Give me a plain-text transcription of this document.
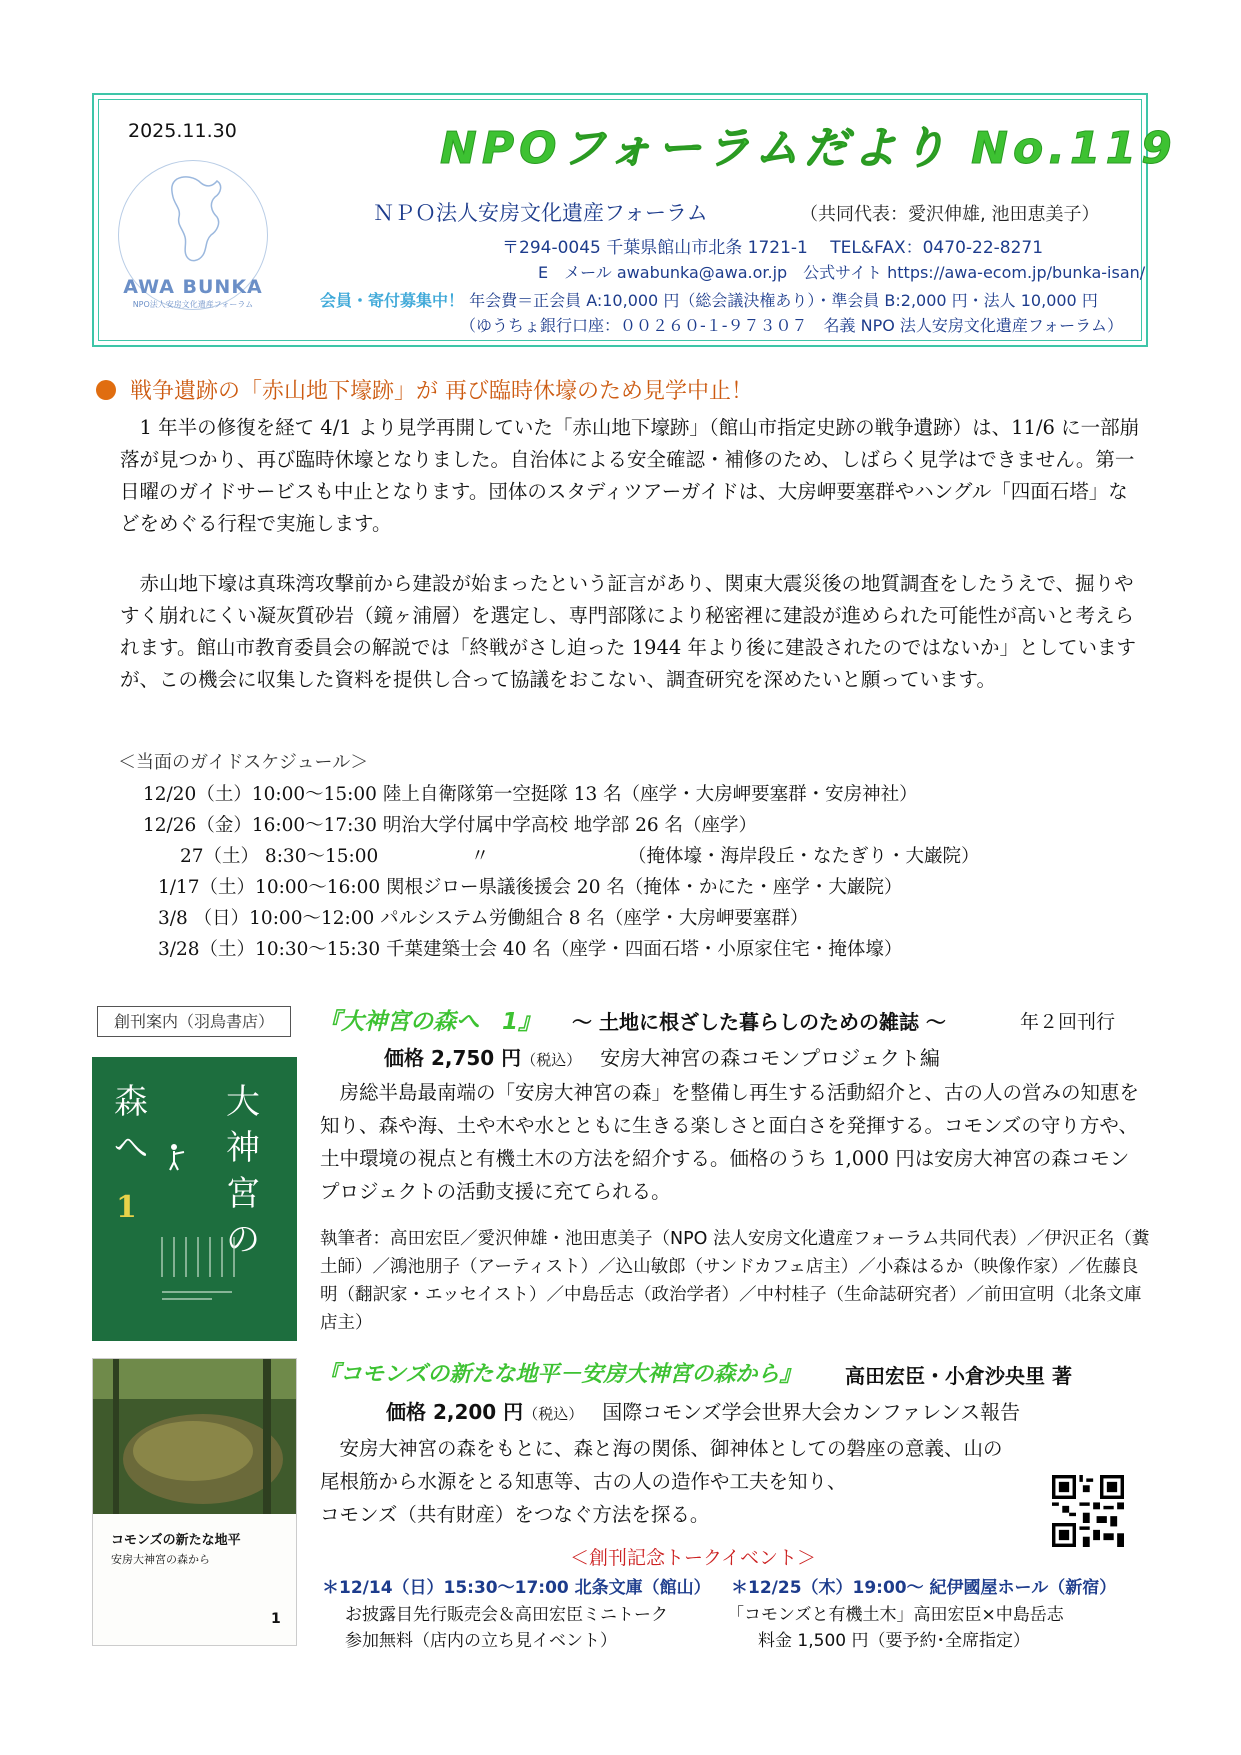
2025.11.30
AWA BUNKA
NPO法人安房文化遺産フォーラム
NPOフォーラムだより No.119
ＮＰＯ法人安房文化遺産フォーラム	（共同代表：愛沢伸雄, 池田恵美子）
〒294-0045 千葉県館山市北条 1721-1　 TEL&FAX：0470-22-8271
E　メール awabunka@awa.or.jp　公式サイト https://awa-ecom.jp/bunka-isan/
会員・寄付募集中！ 年会費＝正会員 A:10,000 円（総会議決権あり）・準会員 B:2,000 円・法人 10,000 円
（ゆうちょ銀行口座：００２６０-１-９７３０７　名義 NPO 法人安房文化遺産フォーラム）
戦争遺跡の「赤山地下壕跡」が 再び臨時休壕のため見学中止！
1 年半の修復を経て 4/1 より見学再開していた「赤山地下壕跡」（館山市指定史跡の戦争遺跡）は、11/6 に一部崩落が見つかり、再び臨時休壕となりました。自治体による安全確認・補修のため、しばらく見学はできません。第一日曜のガイドサービスも中止となります。団体のスタディツアーガイドは、大房岬要塞群やハングル「四面石塔」などをめぐる行程で実施します。
赤山地下壕は真珠湾攻撃前から建設が始まったという証言があり、関東大震災後の地質調査をしたうえで、掘りやすく崩れにくい凝灰質砂岩（鏡ヶ浦層）を選定し、専門部隊により秘密裡に建設が進められた可能性が高いと考えられます。館山市教育委員会の解説では「終戦がさし迫った 1944 年より後に建設されたのではないか」としていますが、この機会に収集した資料を提供し合って協議をおこない、調査研究を深めたいと願っています。
＜当面のガイドスケジュール＞
12/20（土）10:00～15:00 陸上自衛隊第一空挺隊 13 名（座学・大房岬要塞群・安房神社）
12/26（金）16:00～17:30 明治大学付属中学高校 地学部 26 名（座学）
27（土） 8:30～15:00　　　　　〃　　　　　　　　（掩体壕・海岸段丘・なたぎり・大巌院）
1/17（土）10:00～16:00 関根ジロー県議後援会 20 名（掩体・かにた・座学・大巌院）
3/8 （日）10:00～12:00 パルシステム労働組合 8 名（座学・大房岬要塞群）
3/28（土）10:30～15:30 千葉建築士会 40 名（座学・四面石塔・小原家住宅・掩体壕）
創刊案内（羽鳥書店）
森へ
大神宮の
1
『大神宮の森へ　1』 ～ 土地に根ざした暮らしのための雑誌 ～	年２回刊行
価格 2,750 円（税込） 安房大神宮の森コモンプロジェクト編
房総半島最南端の「安房大神宮の森」を整備し再生する活動紹介と、古の人の営みの知恵を知り、森や海、土や木や水とともに生きる楽しさと面白さを発揮する。コモンズの守り方や、土中環境の視点と有機土木の方法を紹介する。価格のうち 1,000 円は安房大神宮の森コモンプロジェクトの活動支援に充てられる。
執筆者：高田宏臣／愛沢伸雄・池田恵美子（NPO 法人安房文化遺産フォーラム共同代表）／伊沢正名（糞土師）／鴻池朋子（アーティスト）／込山敏郎（サンドカフェ店主）／小森はるか（映像作家）／佐藤良明（翻訳家・エッセイスト）／中島岳志（政治学者）／中村桂子（生命誌研究者）／前田宣明（北条文庫店主）
コモンズの新たな地平
安房大神宮の森から
1
『コモンズの新たな地平－安房大神宮の森から』 高田宏臣・小倉沙央里 著
価格 2,200 円（税込） 国際コモンズ学会世界大会カンファレンス報告
安房大神宮の森をもとに、森と海の関係、御神体としての磐座の意義、山の
尾根筋から水源をとる知恵等、古の人の造作や工夫を知り、
コモンズ（共有財産）をつなぐ方法を探る。
＜創刊記念トークイベント＞
＊12/14（日）15:30～17:00 北条文庫（館山）
お披露目先行販売会＆高田宏臣ミニトーク
参加無料（店内の立ち見イベント）
＊12/25（木）19:00～ 紀伊國屋ホール（新宿）
「コモンズと有機土木」高田宏臣×中島岳志
料金 1,500 円（要予約･全席指定）
